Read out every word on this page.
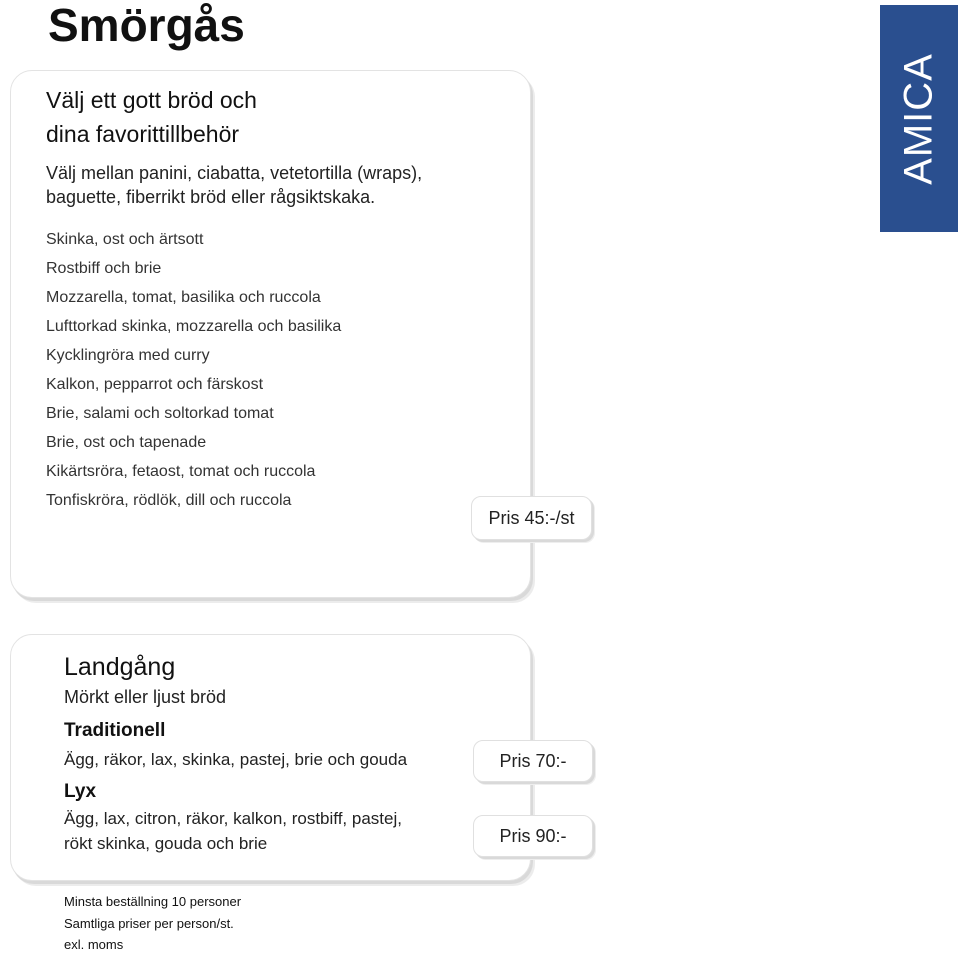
Smörgås
AMICA
Välj ett gott bröd och
dina favorittillbehör
Välj mellan panini, ciabatta, vetetortilla (wraps),
baguette, fiberrikt bröd eller rågsiktskaka.
Skinka, ost och ärtsott
Rostbiff och brie
Mozzarella, tomat, basilika och ruccola
Lufttorkad skinka, mozzarella och basilika
Kycklingröra med curry
Kalkon, pepparrot och färskost
Brie, salami och soltorkad tomat
Brie, ost och tapenade
Kikärtsröra, fetaost, tomat och ruccola
Tonfiskröra, rödlök, dill och ruccola
Pris 45:-/st
Landgång
Mörkt eller ljust bröd
Traditionell
Ägg, räkor, lax, skinka, pastej, brie och gouda	Pris 70:-
Lyx
Ägg, lax, citron, räkor, kalkon, rostbiff, pastej,
rökt skinka, gouda och brie	Pris 90:-
Minsta beställning 10 personer
Samtliga priser per person/st.
exl. moms
